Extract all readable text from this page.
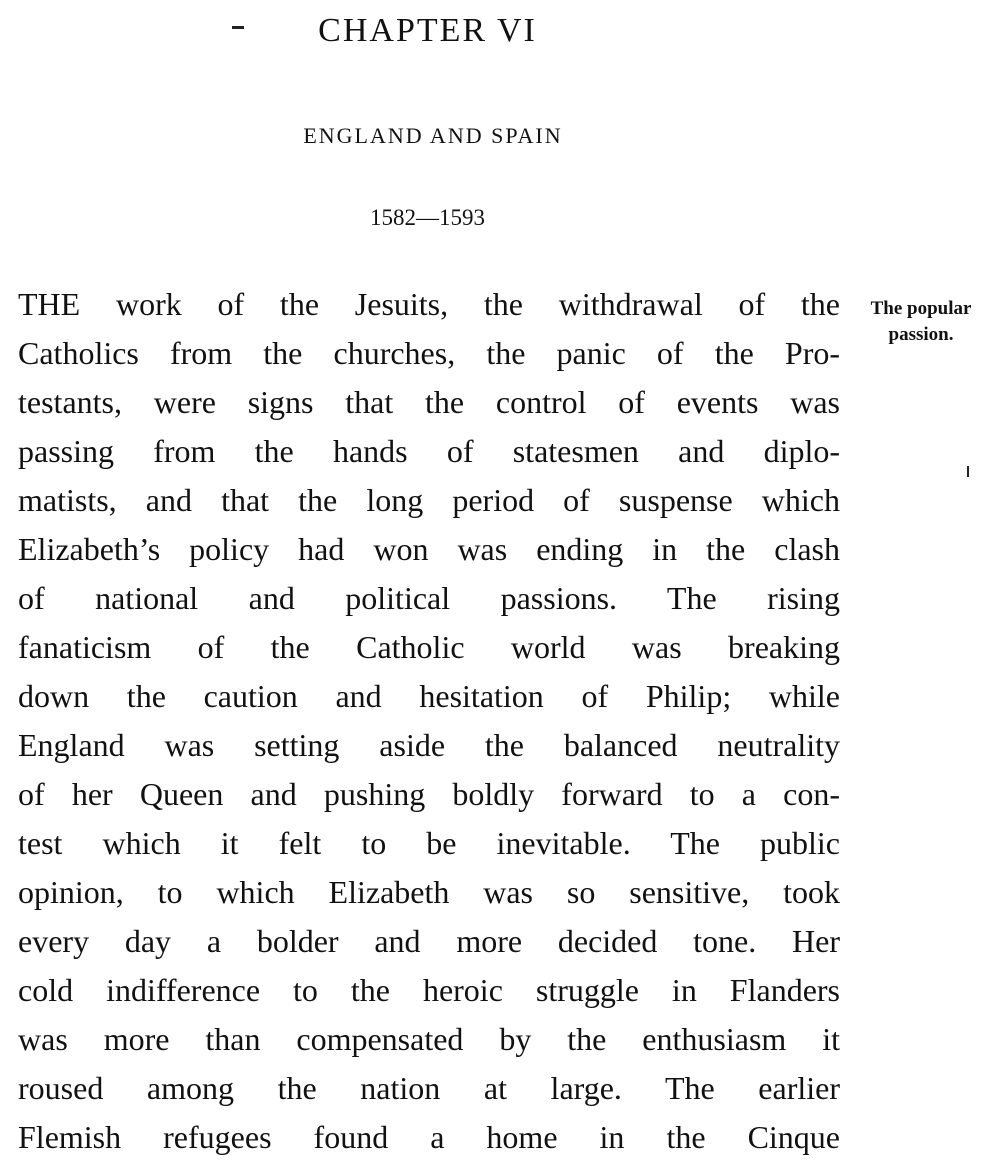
CHAPTER VI
ENGLAND AND SPAIN
1582—1593
The popular
passion.
THE work of the Jesuits, the withdrawal of the
Catholics from the churches, the panic of the Pro-
testants, were signs that the control of events was
passing from the hands of statesmen and diplo-
matists, and that the long period of suspense which
Elizabeth’s policy had won was ending in the clash
of national and political passions. The rising
fanaticism of the Catholic world was breaking
down the caution and hesitation of Philip; while
England was setting aside the balanced neutrality
of her Queen and pushing boldly forward to a con-
test which it felt to be inevitable. The public
opinion, to which Elizabeth was so sensitive, took
every day a bolder and more decided tone. Her
cold indifference to the heroic struggle in Flanders
was more than compensated by the enthusiasm it
roused among the nation at large. The earlier
Flemish refugees found a home in the Cinque
